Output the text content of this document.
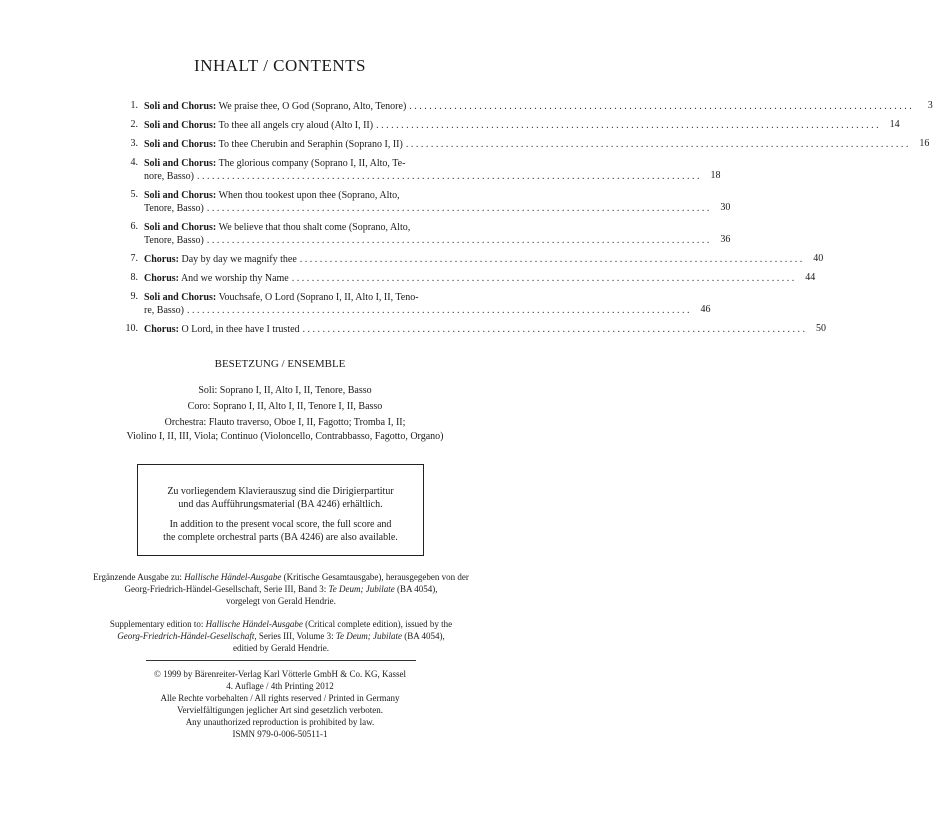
INHALT / CONTENTS
1. Soli and Chorus: We praise thee, O God (Soprano, Alto, Tenore) . . .	3
2. Soli and Chorus: To thee all angels cry aloud (Alto I, II) . . .	14
3. Soli and Chorus: To thee Cherubin and Seraphin (Soprano I, II) . . .	16
4. Soli and Chorus: The glorious company (Soprano I, II, Alto, Te-
nore, Basso) . . .	18
5. Soli and Chorus: When thou tookest upon thee (Soprano, Alto,
Tenore, Basso) . . .	30
6. Soli and Chorus: We believe that thou shalt come (Soprano, Alto,
Tenore, Basso) . . .	36
7. Chorus: Day by day we magnify thee . . .	40
8. Chorus: And we worship thy Name . . .	44
9. Soli and Chorus: Vouchsafe, O Lord (Soprano I, II, Alto I, II, Teno-
re, Basso) . . .	46
10. Chorus: O Lord, in thee have I trusted . . .	50
BESETZUNG / ENSEMBLE

Soli: Soprano I, II, Alto I, II, Tenore, Basso

Coro: Soprano I, II, Alto I, II, Tenore I, II, Basso

Orchestra: Flauto traverso, Oboe I, II, Fagotto; Tromba I, II;

Violino I, II, III, Viola; Continuo (Violoncello, Contrabbasso, Fagotto, Organo)

Zu vorliegendem Klavierauszug sind die Dirigierpartitur
und das Aufführungsmaterial (BA 4246) erhältlich.

In addition to the present vocal score, the full score and
the complete orchestral parts (BA 4246) are also available.

Ergänzende Ausgabe zu: Hallische Händel-Ausgabe (Kritische Gesamtausgabe), herausgegeben von der

Georg-Friedrich-Händel-Gesellschaft, Serie III, Band 3: Te Deum; Jubilate (BA 4054),

vorgelegt von Gerald Hendrie.

Supplementary edition to: Hallische Händel-Ausgabe (Critical complete edition), issued by the

Georg-Friedrich-Händel-Gesellschaft, Series III, Volume 3: Te Deum; Jubilate (BA 4054),

editied by Gerald Hendrie.

© 1999 by Bärenreiter-Verlag Karl Vötterle GmbH & Co. KG, Kassel

4. Auflage / 4th Printing 2012

Alle Rechte vorbehalten / All rights reserved / Printed in Germany

Vervielfältigungen jeglicher Art sind gesetzlich verboten.

Any unauthorized reproduction is prohibited by law.

ISMN 979-0-006-50511-1
